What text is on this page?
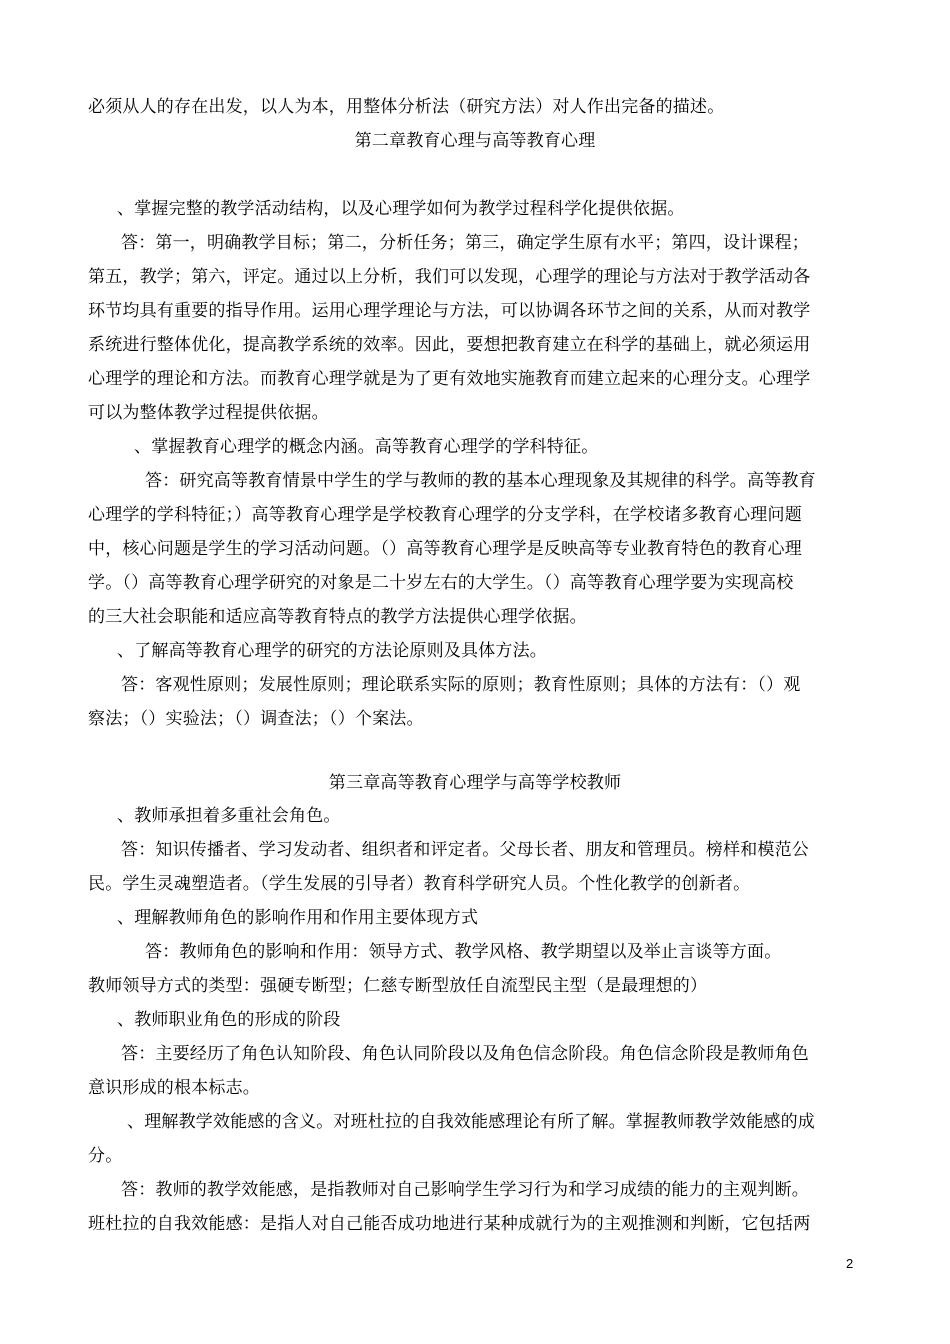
必须从人的存在出发，以人为本，用整体分析法（研究方法）对人作出完备的描述。
第二章教育心理与高等教育心理
、掌握完整的教学活动结构，以及心理学如何为教学过程科学化提供依据。
答：第一，明确教学目标；第二，分析任务；第三，确定学生原有水平；第四，设计课程；
第五，教学；第六，评定。通过以上分析，我们可以发现，心理学的理论与方法对于教学活动各
环节均具有重要的指导作用。运用心理学理论与方法，可以协调各环节之间的关系，从而对教学
系统进行整体优化，提高教学系统的效率。因此，要想把教育建立在科学的基础上，就必须运用
心理学的理论和方法。而教育心理学就是为了更有效地实施教育而建立起来的心理分支。心理学
可以为整体教学过程提供依据。
、掌握教育心理学的概念内涵。高等教育心理学的学科特征。
答：研究高等教育情景中学生的学与教师的教的基本心理现象及其规律的科学。高等教育
心理学的学科特征；）高等教育心理学是学校教育心理学的分支学科，在学校诸多教育心理问题
中，核心问题是学生的学习活动问题。（）高等教育心理学是反映高等专业教育特色的教育心理
学。（）高等教育心理学研究的对象是二十岁左右的大学生。（）高等教育心理学要为实现高校
的三大社会职能和适应高等教育特点的教学方法提供心理学依据。
、了解高等教育心理学的研究的方法论原则及具体方法。
答：客观性原则；发展性原则；理论联系实际的原则；教育性原则；具体的方法有：（）观
察法；（）实验法；（）调查法；（）个案法。
第三章高等教育心理学与高等学校教师
、教师承担着多重社会角色。
答：知识传播者、学习发动者、组织者和评定者。父母长者、朋友和管理员。榜样和模范公
民。学生灵魂塑造者。（学生发展的引导者）教育科学研究人员。个性化教学的创新者。
、理解教师角色的影响作用和作用主要体现方式
答：教师角色的影响和作用：领导方式、教学风格、教学期望以及举止言谈等方面。
教师领导方式的类型：强硬专断型；仁慈专断型放任自流型民主型（是最理想的）
、教师职业角色的形成的阶段
答：主要经历了角色认知阶段、角色认同阶段以及角色信念阶段。角色信念阶段是教师角色
意识形成的根本标志。
、理解教学效能感的含义。对班杜拉的自我效能感理论有所了解。掌握教师教学效能感的成
分。
答：教师的教学效能感，是指教师对自己影响学生学习行为和学习成绩的能力的主观判断。
班杜拉的自我效能感：是指人对自己能否成功地进行某种成就行为的主观推测和判断，它包括两
2
